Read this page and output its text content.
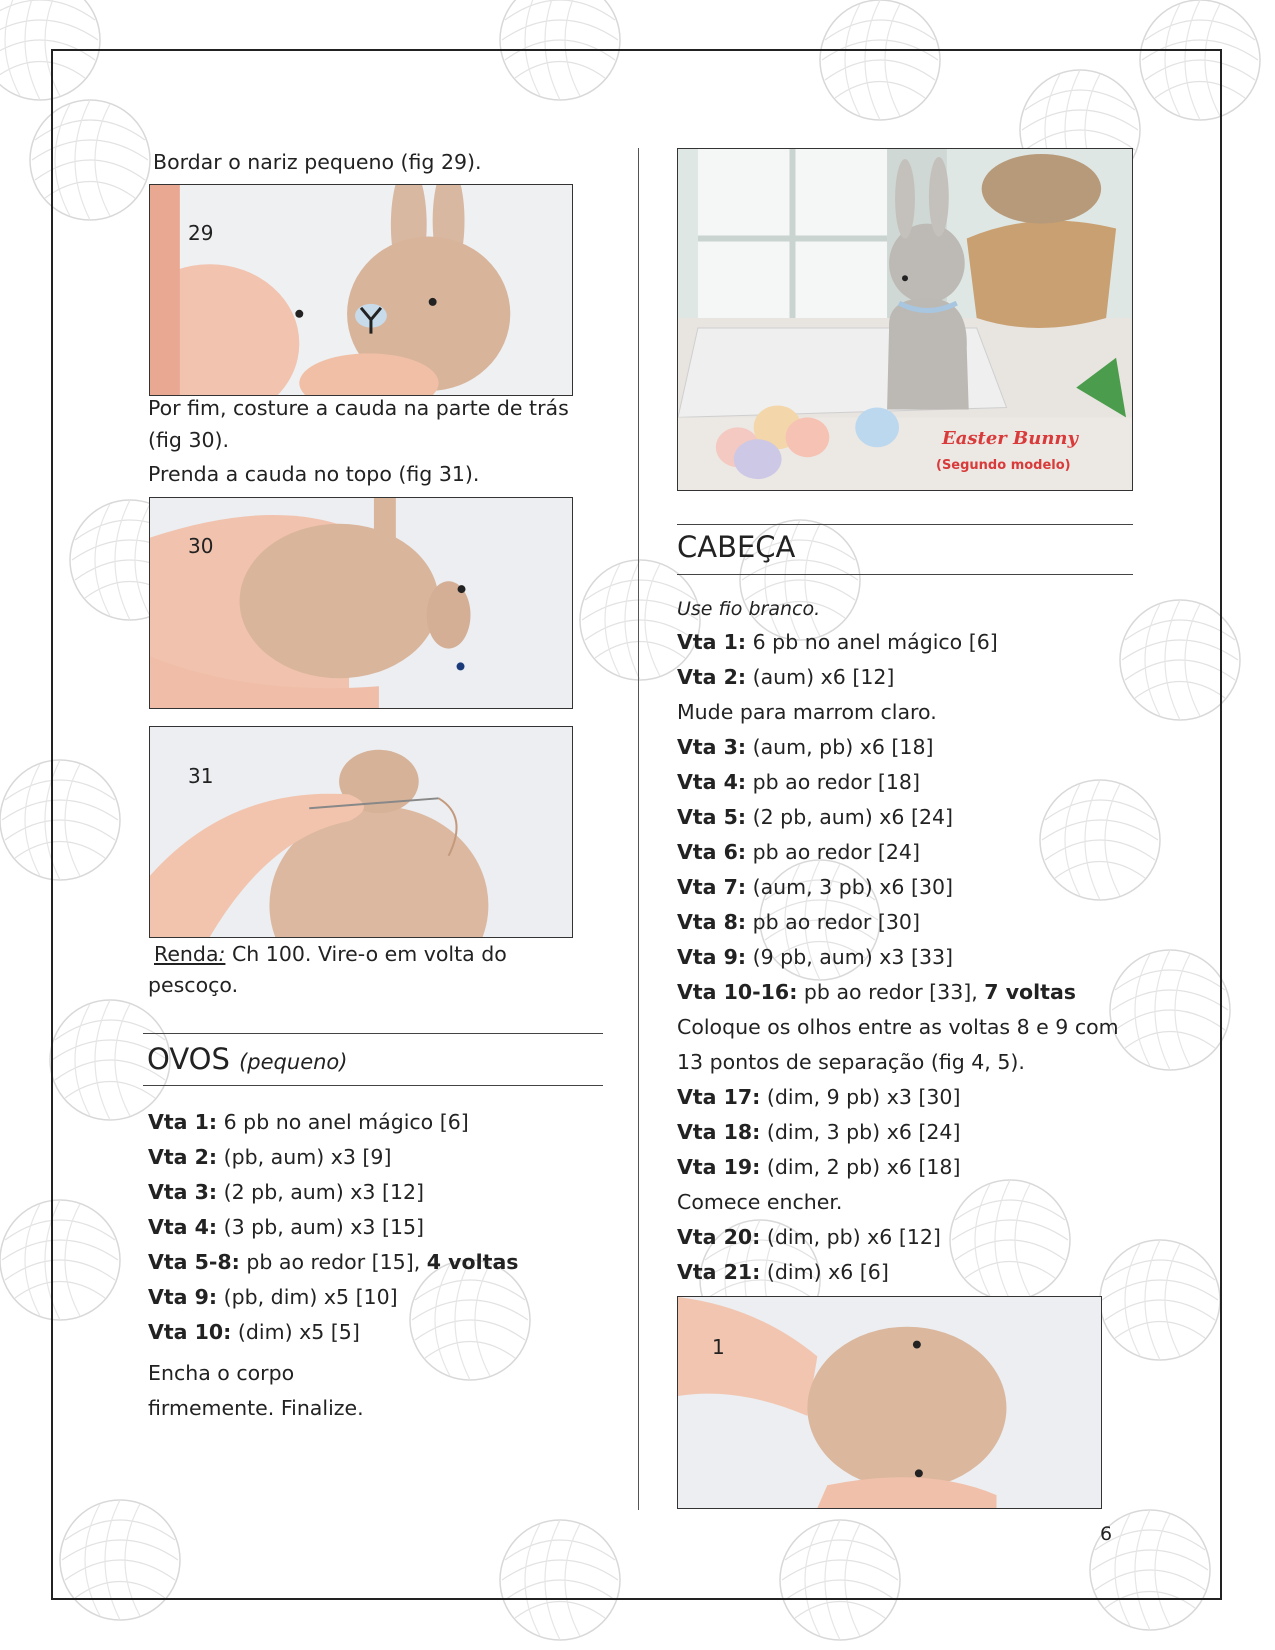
Bordar o nariz pequeno (fig 29).
29
Por fim, costure a cauda na parte de trás
(fig 30).
Prenda a cauda no topo (fig 31).
30
31
Renda: Ch 100. Vire-o em volta do
pescoço.
OVOS (pequeno)
Vta 1: 6 pb no anel mágico [6]
Vta 2: (pb, aum) x3 [9]
Vta 3: (2 pb, aum) x3 [12]
Vta 4: (3 pb, aum) x3 [15]
Vta 5-8: pb ao redor [15], 4 voltas
Vta 9: (pb, dim) x5 [10]
Vta 10: (dim) x5 [5]
Encha o corpo
firmemente. Finalize.
Easter Bunny
(Segundo modelo)
CABEÇA
Use fio branco.
Vta 1: 6 pb no anel mágico [6]
Vta 2: (aum) x6 [12]
Mude para marrom claro.
Vta 3: (aum, pb) x6 [18]
Vta 4: pb ao redor [18]
Vta 5: (2 pb, aum) x6 [24]
Vta 6: pb ao redor [24]
Vta 7: (aum, 3 pb) x6 [30]
Vta 8: pb ao redor [30]
Vta 9: (9 pb, aum) x3 [33]
Vta 10-16: pb ao redor [33], 7 voltas
Coloque os olhos entre as voltas 8 e 9 com
13 pontos de separação (fig 4, 5).
Vta 17: (dim, 9 pb) x3 [30]
Vta 18: (dim, 3 pb) x6 [24]
Vta 19: (dim, 2 pb) x6 [18]
Comece encher.
Vta 20: (dim, pb) x6 [12]
Vta 21: (dim) x6 [6]
1
6
